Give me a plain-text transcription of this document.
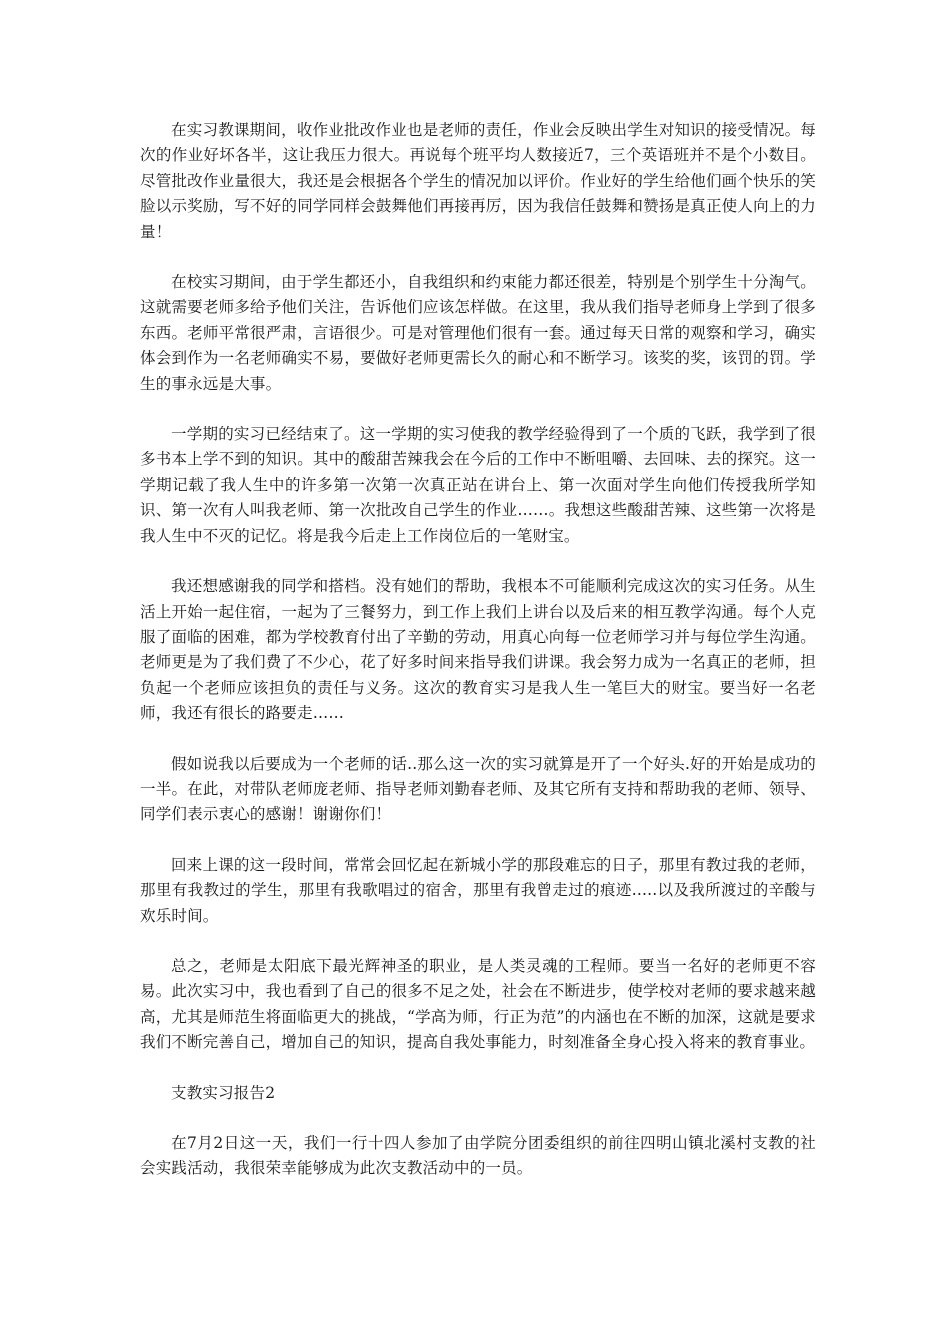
在实习教课期间，收作业批改作业也是老师的责任，作业会反映出学生对知识的接受情况。每次的作业好坏各半，这让我压力很大。再说每个班平均人数接近7，三个英语班并不是个小数目。尽管批改作业量很大，我还是会根据各个学生的情况加以评价。作业好的学生给他们画个快乐的笑脸以示奖励，写不好的同学同样会鼓舞他们再接再厉，因为我信任鼓舞和赞扬是真正使人向上的力量！

在校实习期间，由于学生都还小，自我组织和约束能力都还很差，特别是个别学生十分淘气。这就需要老师多给予他们关注，告诉他们应该怎样做。在这里，我从我们指导老师身上学到了很多东西。老师平常很严肃，言语很少。可是对管理他们很有一套。通过每天日常的观察和学习，确实体会到作为一名老师确实不易，要做好老师更需长久的耐心和不断学习。该奖的奖，该罚的罚。学生的事永远是大事。

一学期的实习已经结束了。这一学期的实习使我的教学经验得到了一个质的飞跃，我学到了很多书本上学不到的知识。其中的酸甜苦辣我会在今后的工作中不断咀嚼、去回味、去的探究。这一学期记载了我人生中的许多第一次第一次真正站在讲台上、第一次面对学生向他们传授我所学知识、第一次有人叫我老师、第一次批改自己学生的作业……。我想这些酸甜苦辣、这些第一次将是我人生中不灭的记忆。将是我今后走上工作岗位后的一笔财宝。

我还想感谢我的同学和搭档。没有她们的帮助，我根本不可能顺利完成这次的实习任务。从生活上开始一起住宿，一起为了三餐努力，到工作上我们上讲台以及后来的相互教学沟通。每个人克服了面临的困难，都为学校教育付出了辛勤的劳动，用真心向每一位老师学习并与每位学生沟通。老师更是为了我们费了不少心，花了好多时间来指导我们讲课。我会努力成为一名真正的老师，担负起一个老师应该担负的责任与义务。这次的教育实习是我人生一笔巨大的财宝。要当好一名老师，我还有很长的路要走……

假如说我以后要成为一个老师的话..那么这一次的实习就算是开了一个好头.好的开始是成功的一半。在此，对带队老师庞老师、指导老师刘勤春老师、及其它所有支持和帮助我的老师、领导、同学们表示衷心的感谢！谢谢你们！

回来上课的这一段时间，常常会回忆起在新城小学的那段难忘的日子，那里有教过我的老师，那里有我教过的学生，那里有我歌唱过的宿舍，那里有我曾走过的痕迹.....以及我所渡过的辛酸与欢乐时间。

总之，老师是太阳底下最光辉神圣的职业，是人类灵魂的工程师。要当一名好的老师更不容易。此次实习中，我也看到了自己的很多不足之处，社会在不断进步，使学校对老师的要求越来越高，尤其是师范生将面临更大的挑战，“学高为师，行正为范”的内涵也在不断的加深，这就是要求我们不断完善自己，增加自己的知识，提高自我处事能力，时刻准备全身心投入将来的教育事业。

支教实习报告2

在7月2日这一天，我们一行十四人参加了由学院分团委组织的前往四明山镇北溪村支教的社会实践活动，我很荣幸能够成为此次支教活动中的一员。
